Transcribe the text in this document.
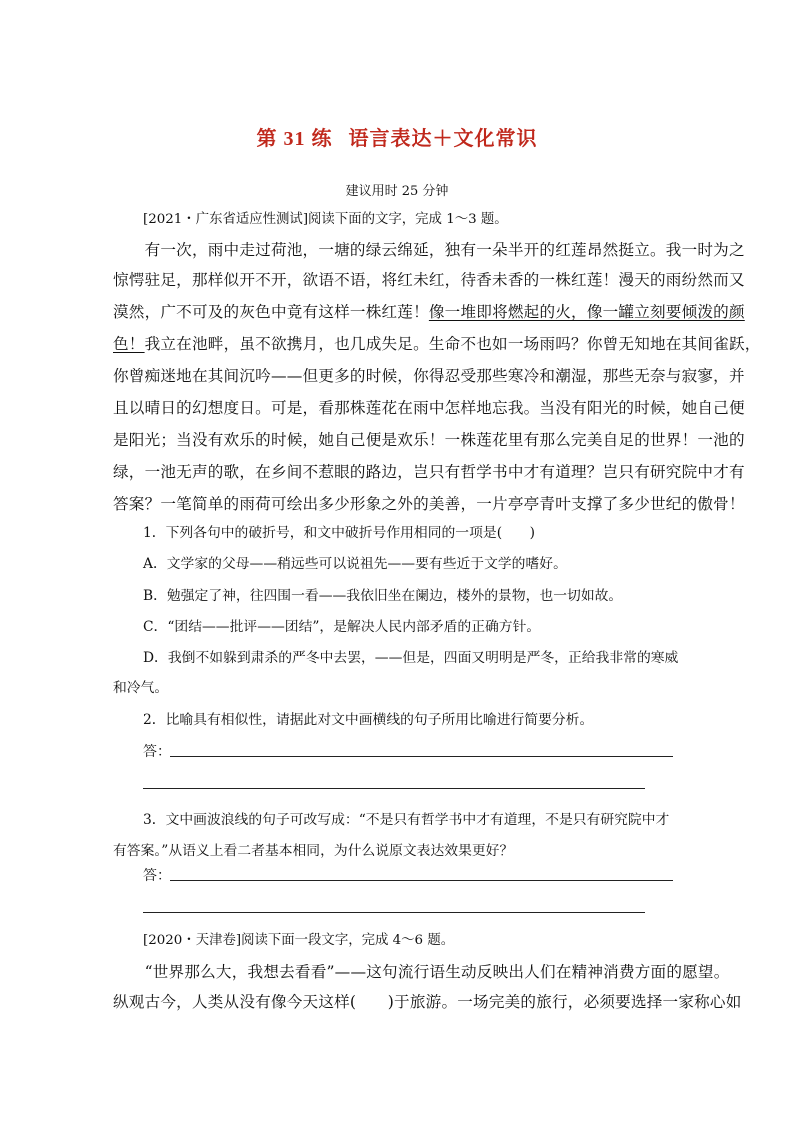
第 31 练 语言表达＋文化常识
建议用时 25 分钟
[2021・广东省适应性测试]阅读下面的文字，完成 1～3 题。
　　有一次，雨中走过荷池，一塘的绿云绵延，独有一朵半开的红莲昂然挺立。我一时为之
惊愕驻足，那样似开不开，欲语不语，将红未红，待香未香的一株红莲！漫天的雨纷然而又
漠然，广不可及的灰色中竟有这样一株红莲！像一堆即将燃起的火，像一罐立刻要倾泼的颜
色！我立在池畔，虽不欲携月，也几成失足。生命不也如一场雨吗？你曾无知地在其间雀跃，
你曾痴迷地在其间沉吟——但更多的时候，你得忍受那些寒冷和潮湿，那些无奈与寂寥，并
且以晴日的幻想度日。可是，看那株莲花在雨中怎样地忘我。当没有阳光的时候，她自己便
是阳光；当没有欢乐的时候，她自己便是欢乐！一株莲花里有那么完美自足的世界！一池的
绿，一池无声的歌，在乡间不惹眼的路边，岂只有哲学书中才有道理？岂只有研究院中才有
答案？一笔简单的雨荷可绘出多少形象之外的美善，一片亭亭青叶支撑了多少世纪的傲骨！
1．下列各句中的破折号，和文中破折号作用相同的一项是(　　)
A．文学家的父母——稍远些可以说祖先——要有些近于文学的嗜好。
B．勉强定了神，往四围一看——我依旧坐在阑边，楼外的景物，也一切如故。
C．“团结——批评——团结”，是解决人民内部矛盾的正确方针。
D．我倒不如躲到肃杀的严冬中去罢，——但是，四面又明明是严冬，正给我非常的寒威
和冷气。
2．比喻具有相似性，请据此对文中画横线的句子所用比喻进行简要分析。
答：
3．文中画波浪线的句子可改写成：“不是只有哲学书中才有道理，不是只有研究院中才
有答案。”从语义上看二者基本相同，为什么说原文表达效果更好？
答：
[2020・天津卷]阅读下面一段文字，完成 4～6 题。
　　“世界那么大，我想去看看”——这句流行语生动反映出人们在精神消费方面的愿望。
纵观古今，人类从没有像今天这样(　　)于旅游。一场完美的旅行，必须要选择一家称心如
